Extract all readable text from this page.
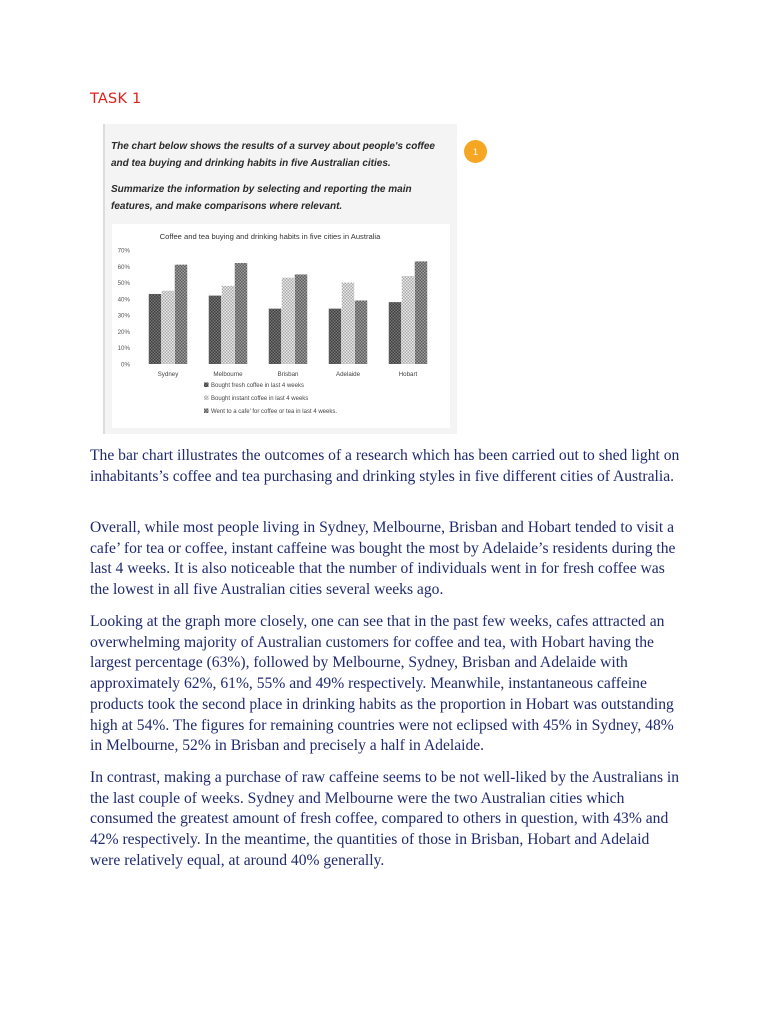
TASK 1
The chart below shows the results of a survey about people's coffee and tea buying and drinking habits in five Australian cities.
Summarize the information by selecting and reporting the main features, and make comparisons where relevant.
1
Coffee and tea buying and drinking habits in five cities in Australia
0%
10%
20%
30%
40%
50%
60%
70%
Sydney	Melbourne	Brisban	Adelaide	Hobart
Bought fresh coffee in last 4 weeks
Bought instant coffee in last 4 weeks
Went to a cafe' for coffee or tea in last 4 weeks.
The bar chart illustrates the outcomes of a research which has been carried out to shed light on inhabitants’s coffee and tea purchasing and drinking styles in five different cities of Australia.
Overall, while most people living in Sydney, Melbourne, Brisban and Hobart tended to visit a cafe’ for tea or coffee, instant caffeine was bought the most by Adelaide’s residents during the last 4 weeks. It is also noticeable that the number of individuals went in for fresh coffee was the lowest in all five Australian cities several weeks ago.
Looking at the graph more closely, one can see that in the past few weeks, cafes attracted an overwhelming majority of Australian customers for coffee and tea, with Hobart having the largest percentage (63%), followed by Melbourne, Sydney, Brisban and Adelaide with approximately 62%, 61%, 55% and 49% respectively. Meanwhile, instantaneous caffeine products took the second place in drinking habits as the proportion in Hobart was outstanding high at 54%. The figures for remaining countries were not eclipsed with 45% in Sydney, 48% in Melbourne, 52% in Brisban and precisely a half in Adelaide.
In contrast, making a purchase of raw caffeine seems to be not well-liked by the Australians in the last couple of weeks. Sydney and Melbourne were the two Australian cities which consumed the greatest amount of fresh coffee, compared to others in question, with 43% and 42% respectively. In the meantime, the quantities of those in Brisban, Hobart and Adelaid were relatively equal, at around 40% generally.
